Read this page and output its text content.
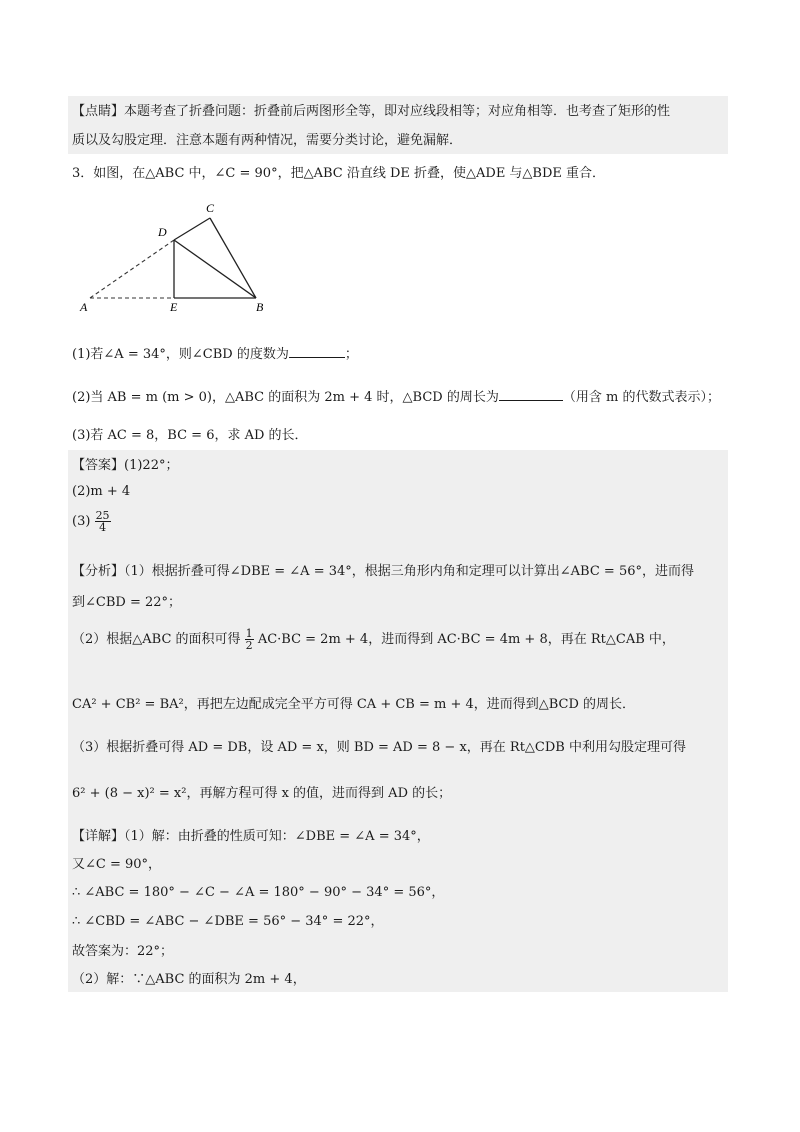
【点睛】本题考查了折叠问题：折叠前后两图形全等，即对应线段相等；对应角相等．也考查了矩形的性
质以及勾股定理．注意本题有两种情况，需要分类讨论，避免漏解．
3．如图，在△ABC 中，∠C = 90°，把△ABC 沿直线 DE 折叠，使△ADE 与△BDE 重合．
A	B
C
D
E
(1)若∠A = 34°，则∠CBD 的度数为	；
(2)当 AB = m (m > 0)，△ABC 的面积为 2m + 4 时，△BCD 的周长为	（用含 m 的代数式表示）；
(3)若 AC = 8，BC = 6，求 AD 的长．
【答案】(1)22°；
(2)m + 4
$(3) \frac{25}{4}$
【分析】（1）根据折叠可得∠DBE = ∠A = 34°，根据三角形内角和定理可以计算出∠ABC = 56°，进而得
到∠CBD = 22°；
（2）根据△ABC 的面积可得 $\frac{1}{2} AC\cdot BC = 2m + 4$，进而得到 AC·BC = 4m + 8，再在 Rt△CAB 中，
CA² + CB² = BA²，再把左边配成完全平方可得 CA + CB = m + 4，进而得到△BCD 的周长．
（3）根据折叠可得 AD = DB，设 AD = x，则 BD = AD = 8 − x，再在 Rt△CDB 中利用勾股定理可得
6² + (8 − x)² = x²，再解方程可得 x 的值，进而得到 AD 的长；
【详解】（1）解：由折叠的性质可知：∠DBE = ∠A = 34°，
又∠C = 90°，
∴ ∠ABC = 180° − ∠C − ∠A = 180° − 90° − 34° = 56°，
∴ ∠CBD = ∠ABC − ∠DBE = 56° − 34° = 22°，
故答案为：22°；
（2）解：∵△ABC 的面积为 2m + 4，
